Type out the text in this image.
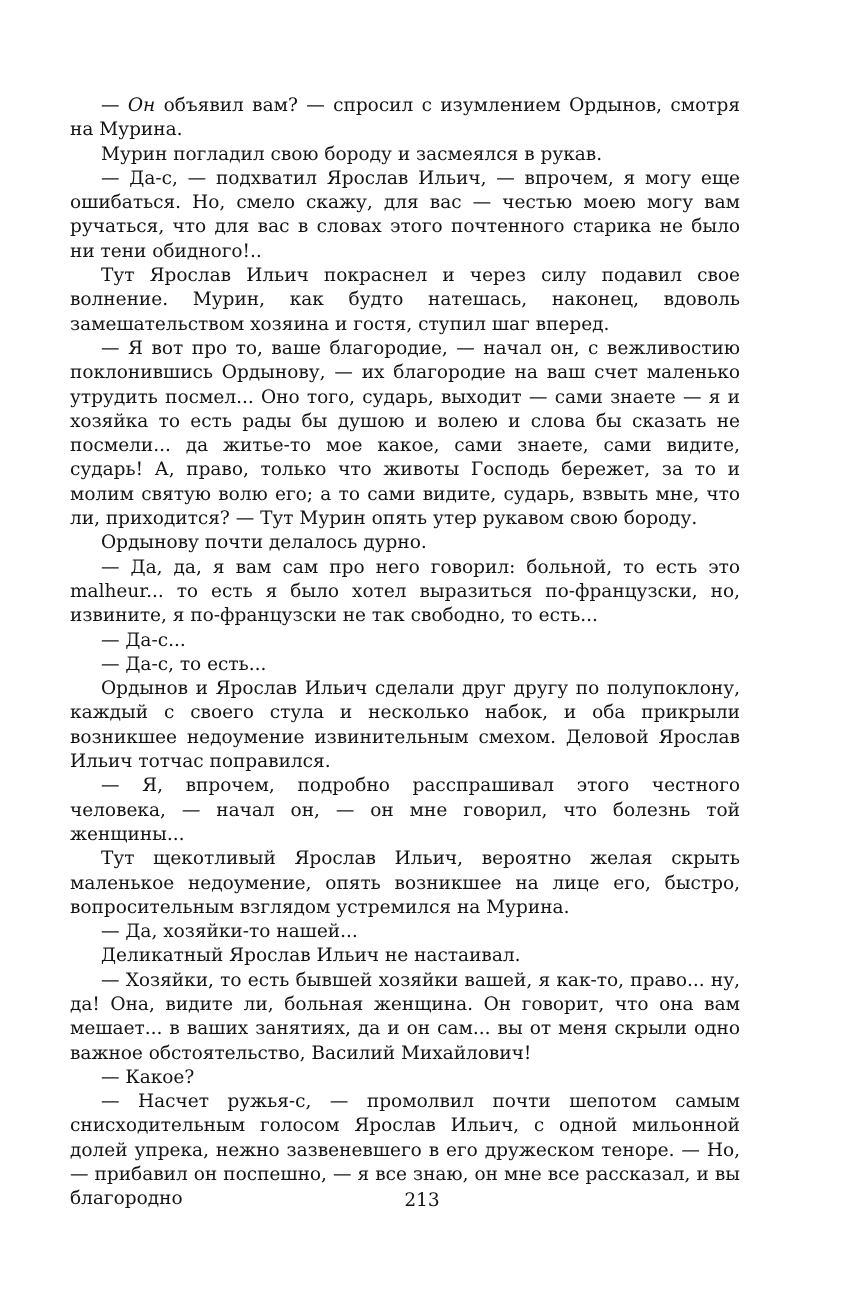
— Он объявил вам? — спросил с изумлением Ордынов, смотря на Мурина.

Мурин погладил свою бороду и засмеялся в рукав.

— Да-с, — подхватил Ярослав Ильич, — впрочем, я могу еще ошибаться. Но, смело скажу, для вас — честью моею могу вам ручаться, что для вас в словах этого почтенного старика не было ни тени обидного!..

Тут Ярослав Ильич покраснел и через силу подавил свое волнение. Мурин, как будто натешась, наконец, вдоволь замешательством хозяина и гостя, ступил шаг вперед.

— Я вот про то, ваше благородие, — начал он, с вежливостию поклонившись Ордынову, — их благородие на ваш счет маленько утрудить посмел... Оно того, сударь, выходит — сами знаете — я и хозяйка то есть рады бы душою и волею и слова бы сказать не посмели... да житье-то мое какое, сами знаете, сами видите, сударь! А, право, только что животы Господь бережет, за то и молим святую волю его; а то сами видите, сударь, взвыть мне, что ли, приходится? — Тут Мурин опять утер рукавом свою бороду.

Ордынову почти делалось дурно.

— Да, да, я вам сам про него говорил: больной, то есть это malheur... то есть я было хотел выразиться по-французски, но, извините, я по-французски не так свободно, то есть...

— Да-с...

— Да-с, то есть...

Ордынов и Ярослав Ильич сделали друг другу по полупоклону, каждый с своего стула и несколько набок, и оба прикрыли возникшее недоумение извинительным смехом. Деловой Ярослав Ильич тотчас поправился.

— Я, впрочем, подробно расспрашивал этого честного человека, — начал он, — он мне говорил, что болезнь той женщины...

Тут щекотливый Ярослав Ильич, вероятно желая скрыть маленькое недоумение, опять возникшее на лице его, быстро, вопросительным взглядом устремился на Мурина.

— Да, хозяйки-то нашей...

Деликатный Ярослав Ильич не настаивал.

— Хозяйки, то есть бывшей хозяйки вашей, я как-то, право... ну, да! Она, видите ли, больная женщина. Он говорит, что она вам мешает... в ваших занятиях, да и он сам... вы от меня скрыли одно важное обстоятельство, Василий Михайлович!

— Какое?

— Насчет ружья-с, — промолвил почти шепотом самым снисходительным голосом Ярослав Ильич, с одной мильонной долей упрека, нежно зазвеневшего в его дружеском теноре. — Но, — прибавил он поспешно, — я все знаю, он мне все рассказал, и вы благородно	213
